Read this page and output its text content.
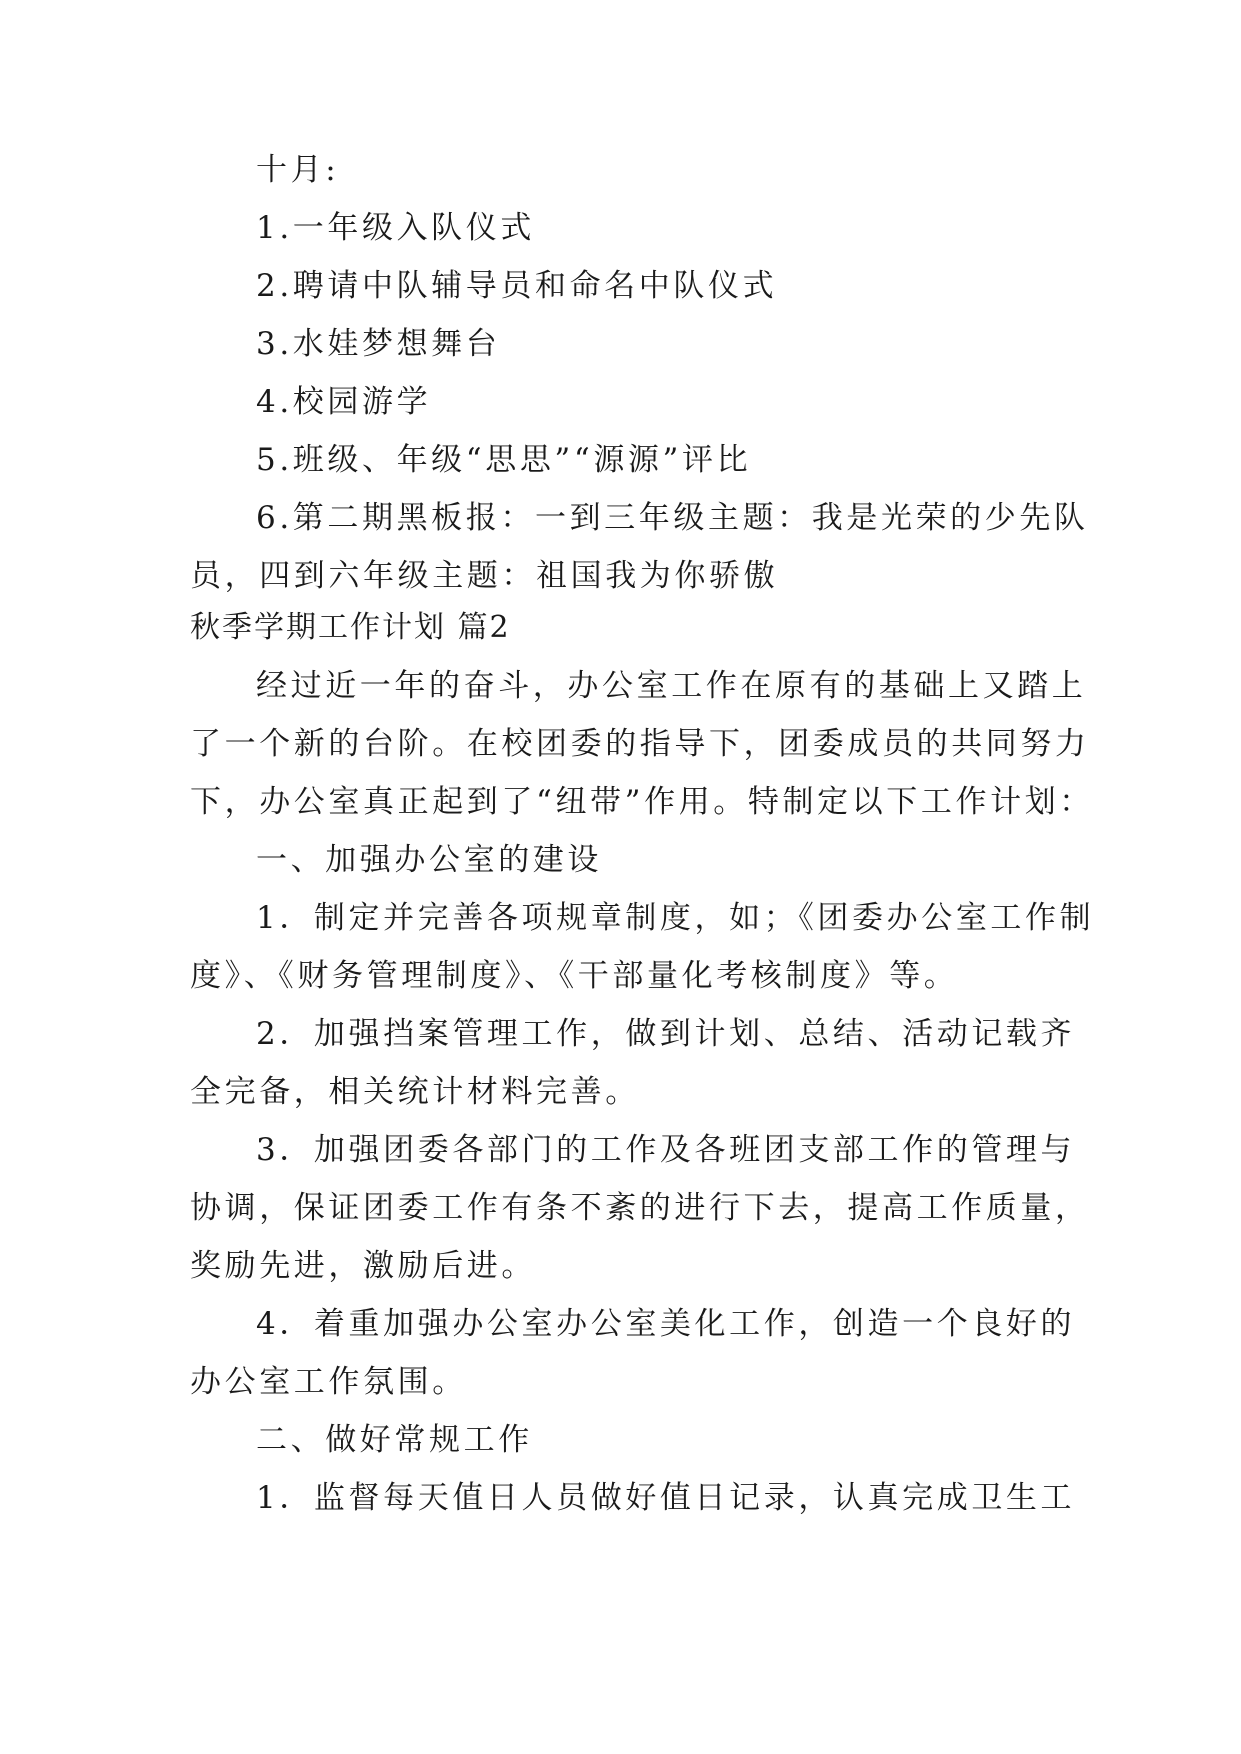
十月:
1.一年级入队仪式
2.聘请中队辅导员和命名中队仪式
3.水娃梦想舞台
4.校园游学
5.班级、年级“思思”“源源”评比
6.第二期黑板报：一到三年级主题：我是光荣的少先队
员，四到六年级主题：祖国我为你骄傲
秋季学期工作计划 篇2
经过近一年的奋斗，办公室工作在原有的基础上又踏上
了一个新的台阶。在校团委的指导下，团委成员的共同努力
下，办公室真正起到了“纽带”作用。特制定以下工作计划：
一、加强办公室的建设
1．制定并完善各项规章制度，如；《团委办公室工作制
度》、《财务管理制度》、《干部量化考核制度》等。
2．加强挡案管理工作，做到计划、总结、活动记载齐
全完备，相关统计材料完善。
3．加强团委各部门的工作及各班团支部工作的管理与
协调，保证团委工作有条不紊的进行下去，提高工作质量，
奖励先进，激励后进。
4．着重加强办公室办公室美化工作，创造一个良好的
办公室工作氛围。
二、做好常规工作
1．监督每天值日人员做好值日记录，认真完成卫生工
